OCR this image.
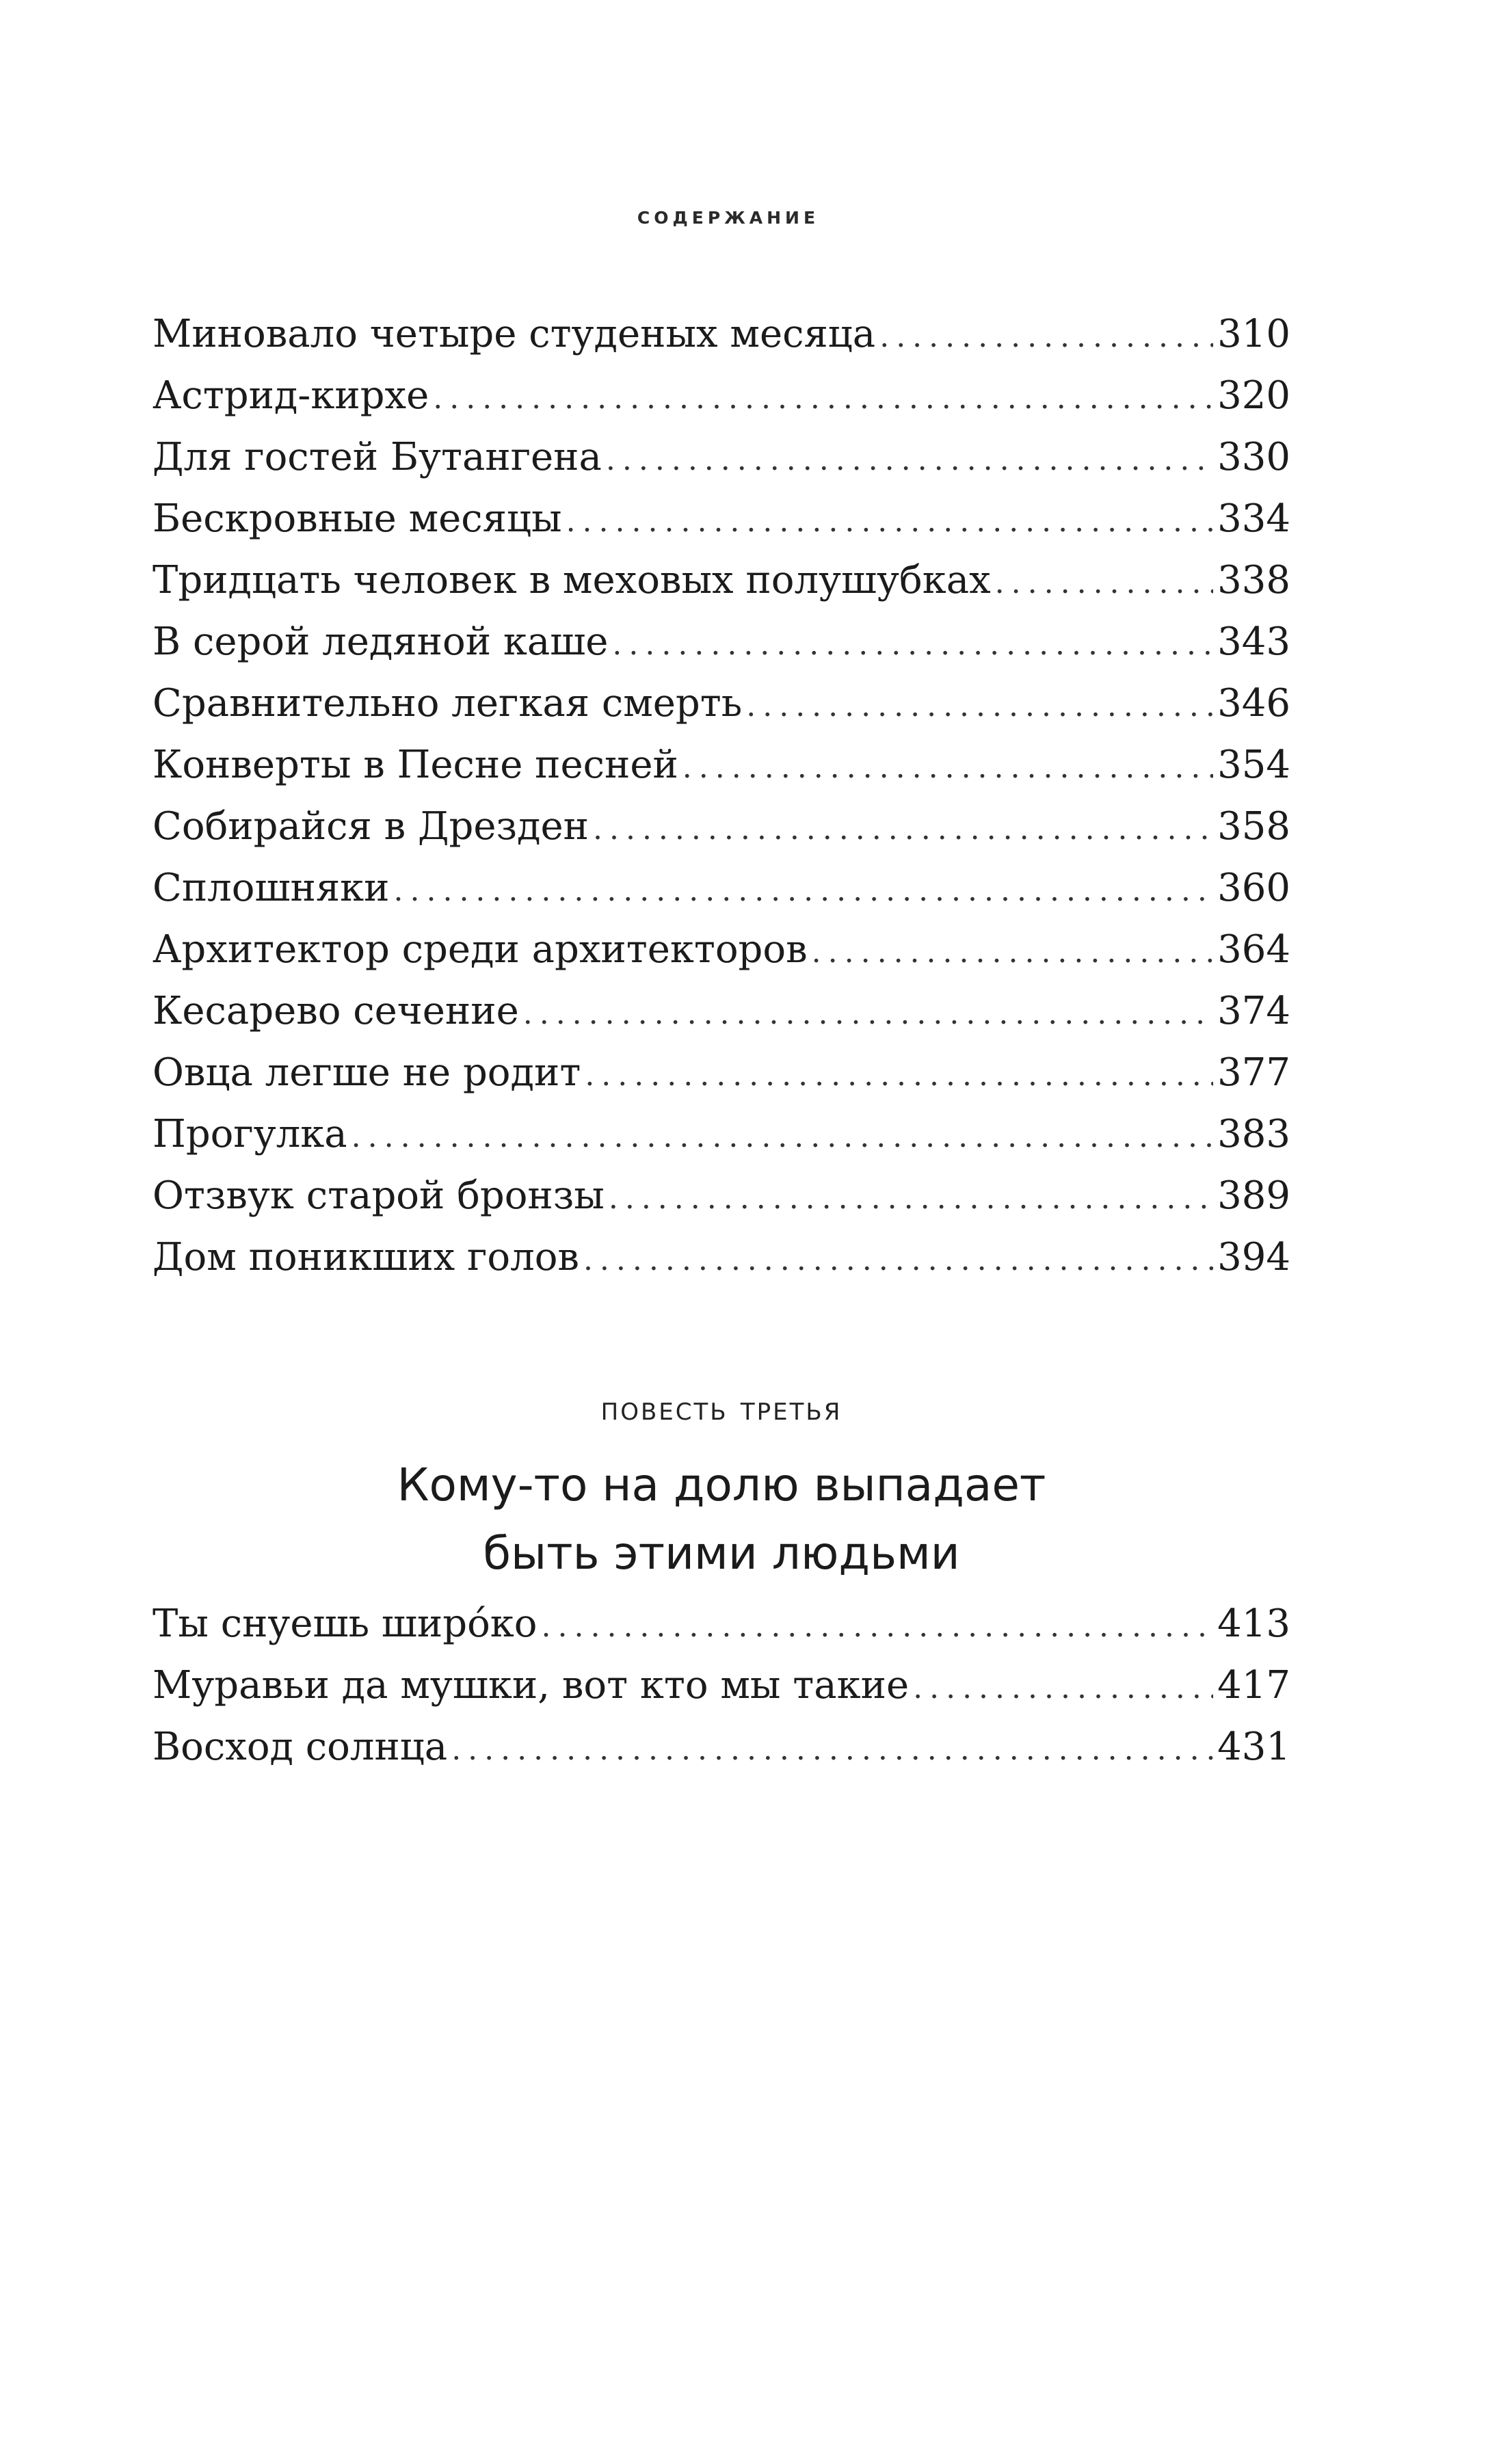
содержание
Миновало четыре студеных месяца .....	310
Астрид-кирхе .....	320
Для гостей Бутангена .....	330
Бескровные месяцы .....	334
Тридцать человек в меховых полушубках .....	338
В серой ледяной каше .....	343
Сравнительно легкая смерть .....	346
Конверты в Песне песней .....	354
Собирайся в Дрезден .....	358
Сплошняки .....	360
Архитектор среди архитекторов .....	364
Кесарево сечение .....	374
Овца легше не родит .....	377
Прогулка .....	383
Отзвук старой бронзы .....	389
Дом поникших голов .....	394

повесть третья

Кому-то на долю выпадает
быть этими людьми
Ты снуешь широ́ко .....	413
Муравьи да мушки, вот кто мы такие .....	417
Восход солнца .....	431
